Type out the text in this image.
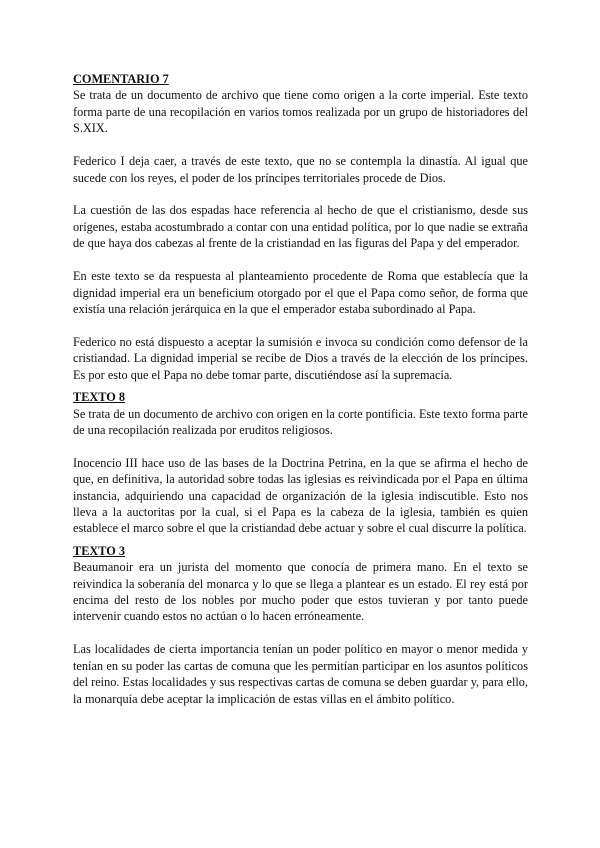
COMENTARIO 7

Se trata de un documento de archivo que tiene como origen a la corte imperial. Este texto forma parte de una recopilación en varios tomos realizada por un grupo de historiadores del S.XIX.

Federico I deja caer, a través de este texto, que no se contempla la dinastía. Al igual que sucede con los reyes, el poder de los príncipes territoriales procede de Dios.

La cuestión de las dos espadas hace referencia al hecho de que el cristianismo, desde sus orígenes, estaba acostumbrado a contar con una entidad política, por lo que nadie se extraña de que haya dos cabezas al frente de la cristiandad en las figuras del Papa y del emperador.

En este texto se da respuesta al planteamiento procedente de Roma que establecía que la dignidad imperial era un beneficium otorgado por el que el Papa como señor, de forma que existía una relación jerárquica en la que el emperador estaba subordinado al Papa.

Federico no está dispuesto a aceptar la sumisión e invoca su condición como defensor de la cristiandad. La dignidad imperial se recibe de Dios a través de la elección de los príncipes. Es por esto que el Papa no debe tomar parte, discutiéndose así la supremacía.

TEXTO 8

Se trata de un documento de archivo con origen en la corte pontificia. Este texto forma parte de una recopilación realizada por eruditos religiosos.

Inocencio III hace uso de las bases de la Doctrina Petrina, en la que se afirma el hecho de que, en definitiva, la autoridad sobre todas las iglesias es reivindicada por el Papa en última instancia, adquiriendo una capacidad de organización de la iglesia indiscutible. Esto nos lleva a la auctoritas por la cual, si el Papa es la cabeza de la iglesia, también es quien establece el marco sobre el que la cristiandad debe actuar y sobre el cual discurre la política.

TEXTO 3

Beaumanoir era un jurista del momento que conocía de primera mano. En el texto se reivindica la soberanía del monarca y lo que se llega a plantear es un estado. El rey está por encima del resto de los nobles por mucho poder que estos tuvieran y por tanto puede intervenir cuando estos no actúan o lo hacen erróneamente.

Las localidades de cierta importancia tenían un poder político en mayor o menor medida y tenían en su poder las cartas de comuna que les permitían participar en los asuntos políticos del reino. Estas localidades y sus respectivas cartas de comuna se deben guardar y, para ello, la monarquía debe aceptar la implicación de estas villas en el ámbito político.
